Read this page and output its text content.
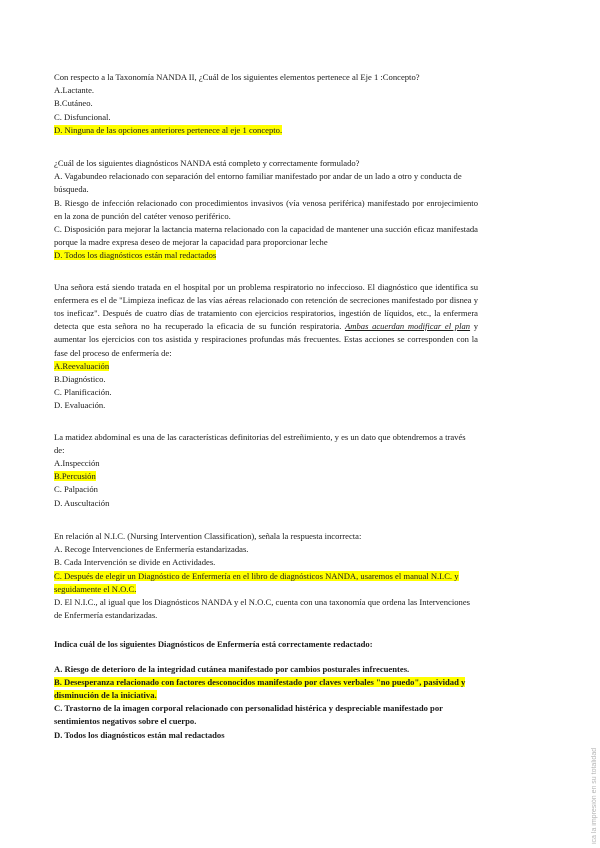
Con respecto a la Taxonomía NANDA II, ¿Cuál de los siguientes elementos pertenece al Eje 1 :Concepto?
A.Lactante.
B.Cutáneo.
C. Disfuncional.
D. Ninguna de las opciones anteriores pertenece al eje 1 concepto.
¿Cuál de los siguientes diagnósticos NANDA está completo y correctamente formulado?
A. Vagabundeo relacionado con separación del entorno familiar manifestado por andar de un lado a otro y conducta de búsqueda.
B. Riesgo de infección relacionado con procedimientos invasivos (vía venosa periférica) manifestado por enrojecimiento en la zona de punción del catéter venoso periférico.
C. Disposición para mejorar la lactancia materna relacionado con la capacidad de mantener una succión eficaz manifestada porque la madre expresa deseo de mejorar la capacidad para proporcionar leche
D. Todos los diagnósticos están mal redactados
Una señora está siendo tratada en el hospital por un problema respiratorio no infeccioso. El diagnóstico que identifica su enfermera es el de "Limpieza ineficaz de las vías aéreas relacionado con retención de secreciones manifestado por disnea y tos ineficaz". Después de cuatro días de tratamiento con ejercicios respiratorios, ingestión de líquidos, etc., la enfermera detecta que esta señora no ha recuperado la eficacia de su función respiratoria. Ambas acuerdan modificar el plan y aumentar los ejercicios con tos asistida y respiraciones profundas más frecuentes. Estas acciones se corresponden con la fase del proceso de enfermería de:
A.Reevaluación
B.Diagnóstico.
C. Planificación.
D. Evaluación.
La matidez abdominal es una de las características definitorias del estreñimiento, y es un dato que obtendremos a través de:
A.Inspección
B.Percusión
C. Palpación
D. Auscultación
En relación al N.I.C. (Nursing Intervention Classification), señala la respuesta incorrecta:
A. Recoge Intervenciones de Enfermería estandarizadas.
B. Cada Intervención se divide en Actividades.
C. Después de elegir un Diagnóstico de Enfermería en el libro de diagnósticos NANDA, usaremos el manual N.I.C. y seguidamente el N.O.C.
D. El N.I.C., al igual que los Diagnósticos NANDA y el N.O.C, cuenta con una taxonomía que ordena las Intervenciones de Enfermería estandarizadas.
Indica cuál de los siguientes Diagnósticos de Enfermería está correctamente redactado:
A. Riesgo de deterioro de la integridad cutánea manifestado por cambios posturales infrecuentes.
B. Desesperanza relacionado con factores desconocidos manifestado por claves verbales "no puedo", pasividad y disminución de la iniciativa.
C. Trastorno de la imagen corporal relacionado con personalidad histérica y despreciable manifestado por sentimientos negativos sobre el cuerpo.
D. Todos los diagnósticos están mal redactados
ica la impresión en su totalidad
